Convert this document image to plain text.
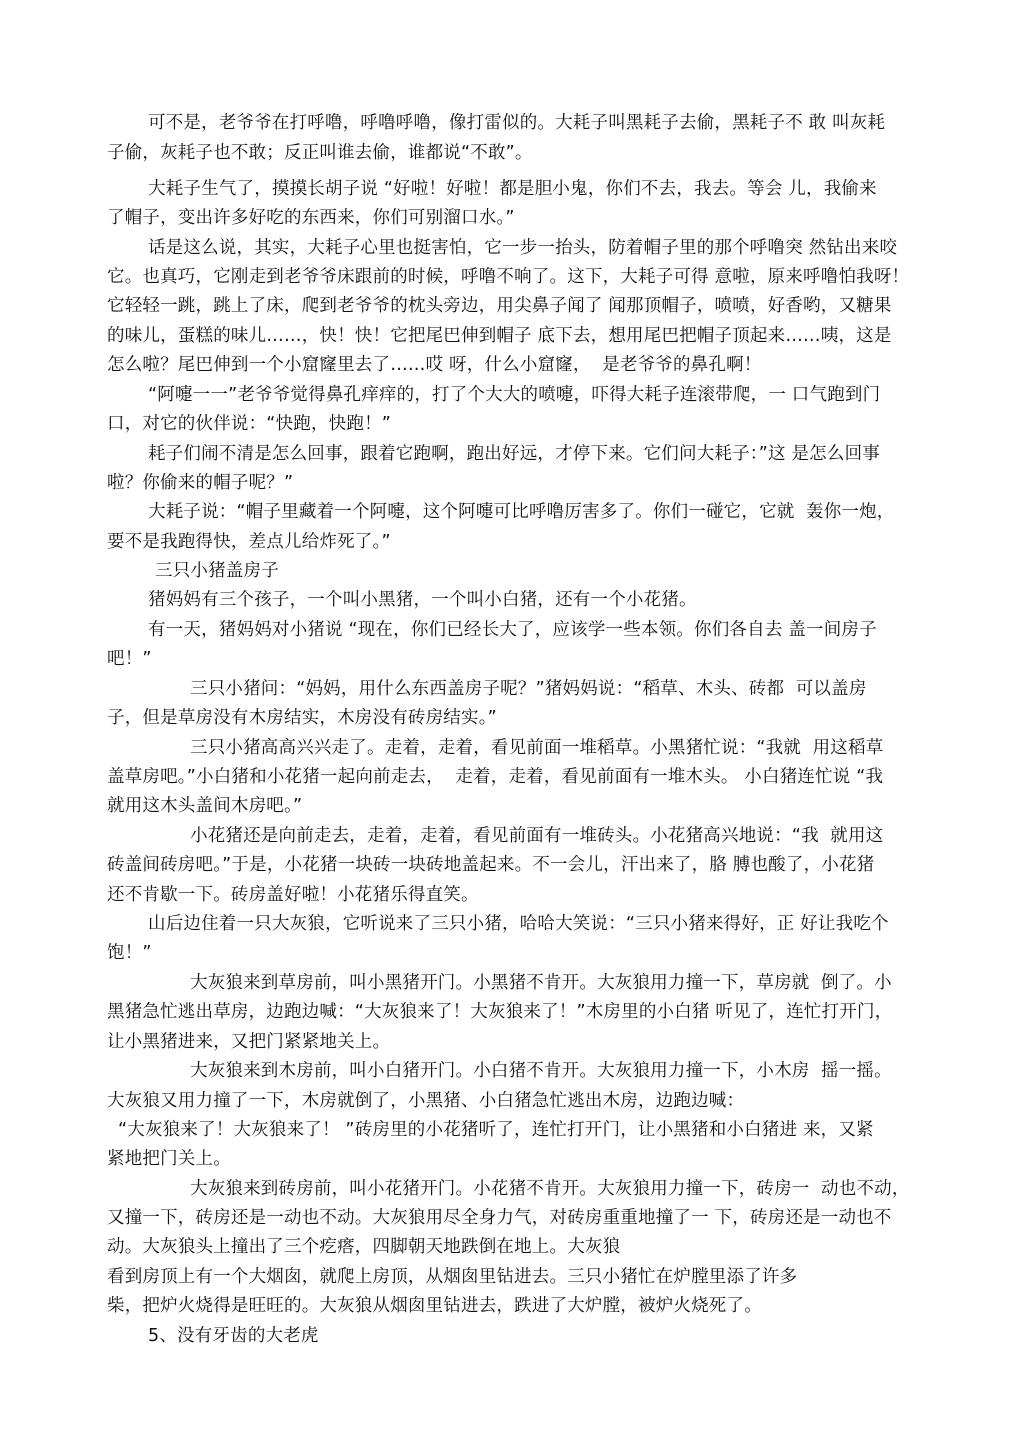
可不是，老爷爷在打呼噜，呼噜呼噜，像打雷似的。大耗子叫黑耗子去偷，黑耗子不 敢 叫灰耗
子偷，灰耗子也不敢；反正叫谁去偷，谁都说“不敢”。
大耗子生气了，摸摸长胡子说 “好啦！好啦！都是胆小鬼，你们不去，我去。等会 儿，我偷来
了帽子，变出许多好吃的东西来，你们可别溜口水。”
话是这么说，其实，大耗子心里也挺害怕，它一步一抬头，防着帽子里的那个呼噜突 然钻出来咬
它。也真巧，它刚走到老爷爷床跟前的时候，呼噜不响了。这下，大耗子可得 意啦，原来呼噜怕我呀！
它轻轻一跳，跳上了床，爬到老爷爷的枕头旁边，用尖鼻子闻了 闻那顶帽子，喷喷，好香哟，又糖果
的味儿，蛋糕的味儿……，快！快！它把尾巴伸到帽子 底下去，想用尾巴把帽子顶起来……咦，这是
怎么啦？尾巴伸到一个小窟窿里去了……哎 呀，什么小窟窿，  是老爷爷的鼻孔啊！
“阿嚏一一”老爷爷觉得鼻孔痒痒的，打了个大大的喷嚏，吓得大耗子连滚带爬，一 口气跑到门
口，对它的伙伴说：“快跑，快跑！”
耗子们闹不清是怎么回事，跟着它跑啊，跑出好远，才停下来。它们问大耗子：”这 是怎么回事
啦？你偷来的帽子呢？”
大耗子说：“帽子里藏着一个阿嚏，这个阿嚏可比呼噜厉害多了。你们一碰它，它就  轰你一炮，
要不是我跑得快，差点儿给炸死了。”
三只小猪盖房子
猪妈妈有三个孩子，一个叫小黑猪，一个叫小白猪，还有一个小花猪。
有一天，猪妈妈对小猪说 “现在，你们已经长大了，应该学一些本领。你们各自去 盖一间房子
吧！”
三只小猪问：“妈妈，用什么东西盖房子呢？”猪妈妈说：“稻草、木头、砖都  可以盖房
子，但是草房没有木房结实，木房没有砖房结实。”
三只小猪高高兴兴走了。走着，走着，看见前面一堆稻草。小黑猪忙说：“我就  用这稻草
盖草房吧。”小白猪和小花猪一起向前走去，  走着，走着，看见前面有一堆木头。 小白猪连忙说 “我
就用这木头盖间木房吧。”
小花猪还是向前走去，走着，走着，看见前面有一堆砖头。小花猪高兴地说：“我  就用这
砖盖间砖房吧。”于是，小花猪一块砖一块砖地盖起来。不一会儿，汗出来了，胳 膊也酸了，小花猪
还不肯歇一下。砖房盖好啦！小花猪乐得直笑。
山后边住着一只大灰狼，它听说来了三只小猪，哈哈大笑说：“三只小猪来得好，正 好让我吃个
饱！”
大灰狼来到草房前，叫小黑猪开门。小黑猪不肯开。大灰狼用力撞一下，草房就  倒了。小
黑猪急忙逃出草房，边跑边喊：“大灰狼来了！大灰狼来了！”木房里的小白猪 听见了，连忙打开门，
让小黑猪进来，又把门紧紧地关上。
大灰狼来到木房前，叫小白猪开门。小白猪不肯开。大灰狼用力撞一下，小木房  摇一摇。
大灰狼又用力撞了一下，木房就倒了，小黑猪、小白猪急忙逃出木房，边跑边喊：
“大灰狼来了！大灰狼来了！ ”砖房里的小花猪听了，连忙打开门，让小黑猪和小白猪进 来，又紧
紧地把门关上。
大灰狼来到砖房前，叫小花猪开门。小花猪不肯开。大灰狼用力撞一下，砖房一  动也不动，
又撞一下，砖房还是一动也不动。大灰狼用尽全身力气，对砖房重重地撞了一 下，砖房还是一动也不
动。大灰狼头上撞出了三个疙瘩，四脚朝天地跌倒在地上。大灰狼
看到房顶上有一个大烟囱，就爬上房顶，从烟囱里钻进去。三只小猪忙在炉膛里添了许多
柴，把炉火烧得是旺旺的。大灰狼从烟囱里钻进去，跌进了大炉膛，被炉火烧死了。
5、没有牙齿的大老虎
